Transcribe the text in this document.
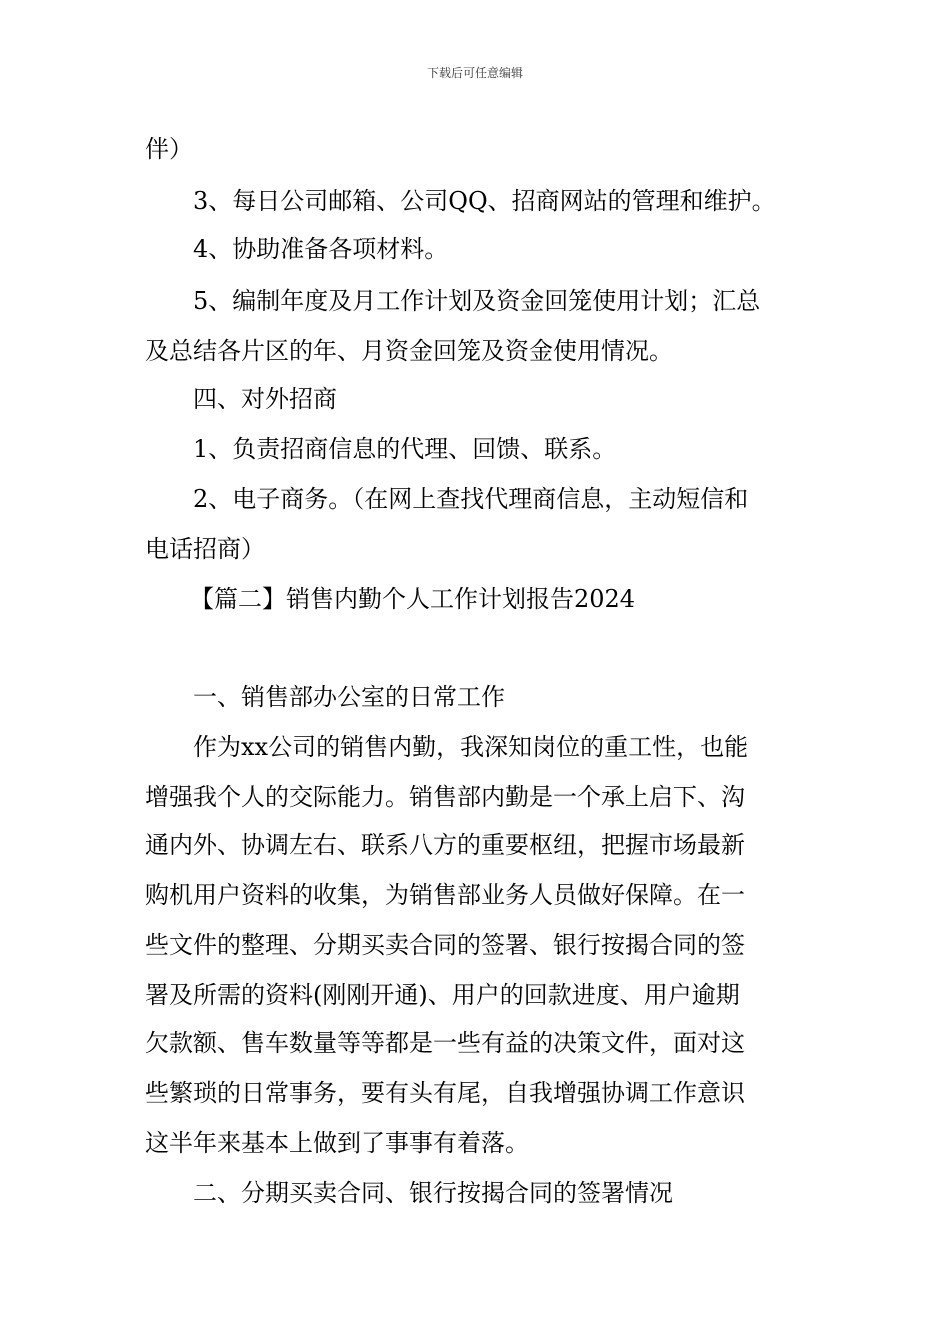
下载后可任意编辑
伴）
3、每日公司邮箱、公司QQ、招商网站的管理和维护。
4、协助准备各项材料。
5、编制年度及月工作计划及资金回笼使用计划；汇总
及总结各片区的年、月资金回笼及资金使用情况。
四、对外招商
1、负责招商信息的代理、回馈、联系。
2、电子商务。（在网上查找代理商信息，主动短信和
电话招商）
【篇二】销售内勤个人工作计划报告2024
一、销售部办公室的日常工作
作为xx公司的销售内勤，我深知岗位的重工性，也能
增强我个人的交际能力。销售部内勤是一个承上启下、沟
通内外、协调左右、联系八方的重要枢纽，把握市场最新
购机用户资料的收集，为销售部业务人员做好保障。在一
些文件的整理、分期买卖合同的签署、银行按揭合同的签
署及所需的资料(刚刚开通)、用户的回款进度、用户逾期
欠款额、售车数量等等都是一些有益的决策文件，面对这
些繁琐的日常事务，要有头有尾，自我增强协调工作意识
这半年来基本上做到了事事有着落。
二、分期买卖合同、银行按揭合同的签署情况
